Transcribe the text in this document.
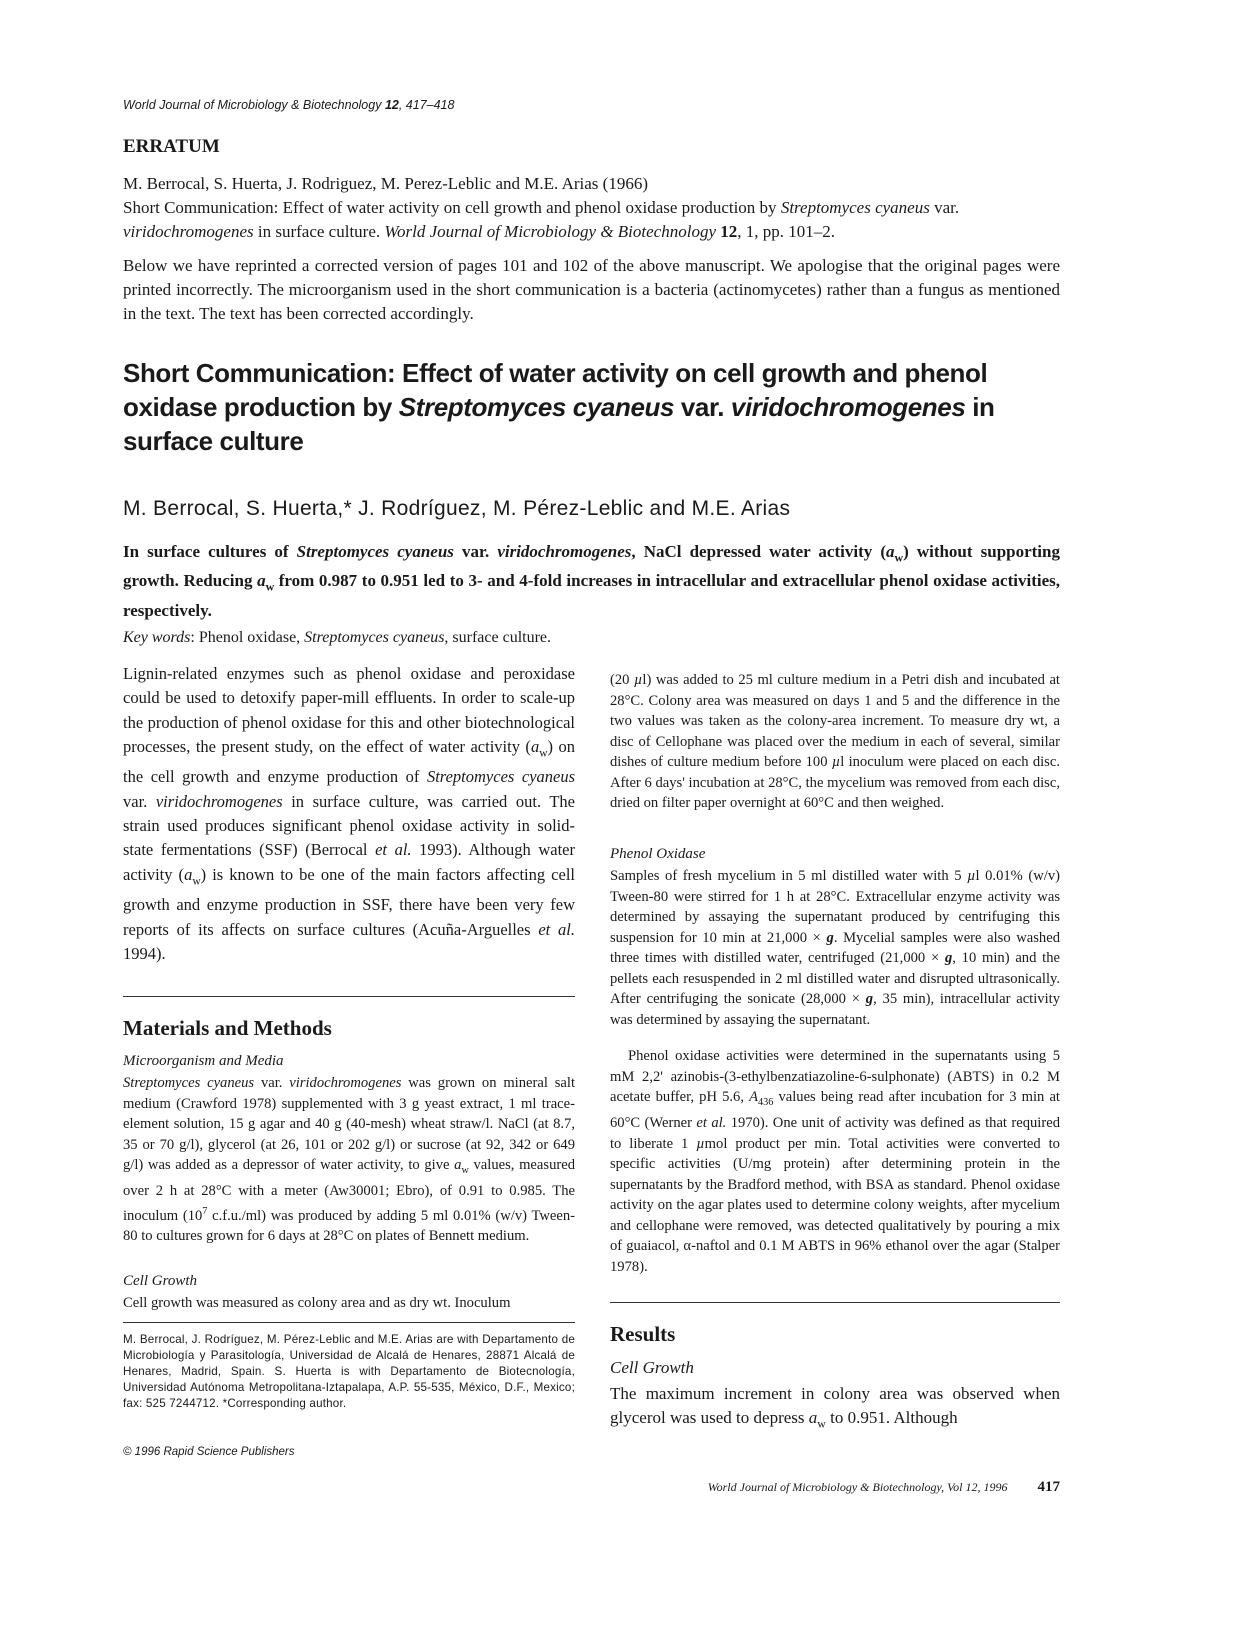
World Journal of Microbiology & Biotechnology 12, 417–418
ERRATUM
M. Berrocal, S. Huerta, J. Rodriguez, M. Perez-Leblic and M.E. Arias (1966)
Short Communication: Effect of water activity on cell growth and phenol oxidase production by Streptomyces cyaneus var. viridochromogenes in surface culture. World Journal of Microbiology & Biotechnology 12, 1, pp. 101–2.
Below we have reprinted a corrected version of pages 101 and 102 of the above manuscript. We apologise that the original pages were printed incorrectly. The microorganism used in the short communication is a bacteria (actinomycetes) rather than a fungus as mentioned in the text. The text has been corrected accordingly.
Short Communication: Effect of water activity on cell growth and phenol oxidase production by Streptomyces cyaneus var. viridochromogenes in surface culture
M. Berrocal, S. Huerta,* J. Rodríguez, M. Pérez-Leblic and M.E. Arias
In surface cultures of Streptomyces cyaneus var. viridochromogenes, NaCl depressed water activity $(a_w)$ without supporting growth. Reducing $a_w$ from 0.987 to 0.951 led to 3- and 4-fold increases in intracellular and extracellular phenol oxidase activities, respectively.
Key words: Phenol oxidase, Streptomyces cyaneus, surface culture.

Lignin-related enzymes such as phenol oxidase and peroxidase could be used to detoxify paper-mill effluents. In order to scale-up the production of phenol oxidase for this and other biotechnological processes, the present study, on the effect of water activity $(a_w)$ on the cell growth and enzyme production of Streptomyces cyaneus var. viridochromogenes in surface culture, was carried out. The strain used produces significant phenol oxidase activity in solid-state fermentations (SSF) (Berrocal et al. 1993). Although water activity $(a_w)$ is known to be one of the main factors affecting cell growth and enzyme production in SSF, there have been very few reports of its affects on surface cultures (Acuña-Arguelles et al. 1994).

Materials and Methods
Microorganism and Media

Streptomyces cyaneus var. viridochromogenes was grown on mineral salt medium (Crawford 1978) supplemented with 3 g yeast extract, 1 ml trace-element solution, 15 g agar and 40 g (40-mesh) wheat straw/l. NaCl (at 8.7, 35 or 70 g/l), glycerol (at 26, 101 or 202 g/l) or sucrose (at 92, 342 or 649 g/l) was added as a depressor of water activity, to give $a_w$ values, measured over 2 h at 28°C with a meter (Aw30001; Ebro), of 0.91 to 0.985. The inoculum ($10^7$ c.f.u./ml) was produced by adding 5 ml 0.01% (w/v) Tween-80 to cultures grown for 6 days at 28°C on plates of Bennett medium.

Cell Growth

Cell growth was measured as colony area and as dry wt. Inoculum

M. Berrocal, J. Rodríguez, M. Pérez-Leblic and M.E. Arias are with Departamento de Microbiología y Parasitología, Universidad de Alcalá de Henares, 28871 Alcalá de Henares, Madrid, Spain. S. Huerta is with Departamento de Biotecnología, Universidad Autónoma Metropolitana-Iztapalapa, A.P. 55-535, México, D.F., Mexico; fax: 525 7244712. *Corresponding author.
© 1996 Rapid Science Publishers

(20 µl) was added to 25 ml culture medium in a Petri dish and incubated at 28°C. Colony area was measured on days 1 and 5 and the difference in the two values was taken as the colony-area increment. To measure dry wt, a disc of Cellophane was placed over the medium in each of several, similar dishes of culture medium before 100 µl inoculum were placed on each disc. After 6 days' incubation at 28°C, the mycelium was removed from each disc, dried on filter paper overnight at 60°C and then weighed.

Phenol Oxidase

Samples of fresh mycelium in 5 ml distilled water with 5 µl 0.01% (w/v) Tween-80 were stirred for 1 h at 28°C. Extracellular enzyme activity was determined by assaying the supernatant produced by centrifuging this suspension for 10 min at 21,000 × g. Mycelial samples were also washed three times with distilled water, centrifuged (21,000 × g, 10 min) and the pellets each resuspended in 2 ml distilled water and disrupted ultrasonically. After centrifuging the sonicate (28,000 × g, 35 min), intracellular activity was determined by assaying the supernatant.

Phenol oxidase activities were determined in the supernatants using 5 mM 2,2' azinobis-(3-ethylbenzatiazoline-6-sulphonate) (ABTS) in 0.2 M acetate buffer, pH 5.6, $A_{436}$ values being read after incubation for 3 min at 60°C (Werner et al. 1970). One unit of activity was defined as that required to liberate 1 µmol product per min. Total activities were converted to specific activities (U/mg protein) after determining protein in the supernatants by the Bradford method, with BSA as standard. Phenol oxidase activity on the agar plates used to determine colony weights, after mycelium and cellophane were removed, was detected qualitatively by pouring a mix of guaiacol, α-naftol and 0.1 M ABTS in 96% ethanol over the agar (Stalper 1978).

Results
Cell Growth

The maximum increment in colony area was observed when glycerol was used to depress $a_w$ to 0.951. Although

World Journal of Microbiology & Biotechnology, Vol 12, 1996 417
